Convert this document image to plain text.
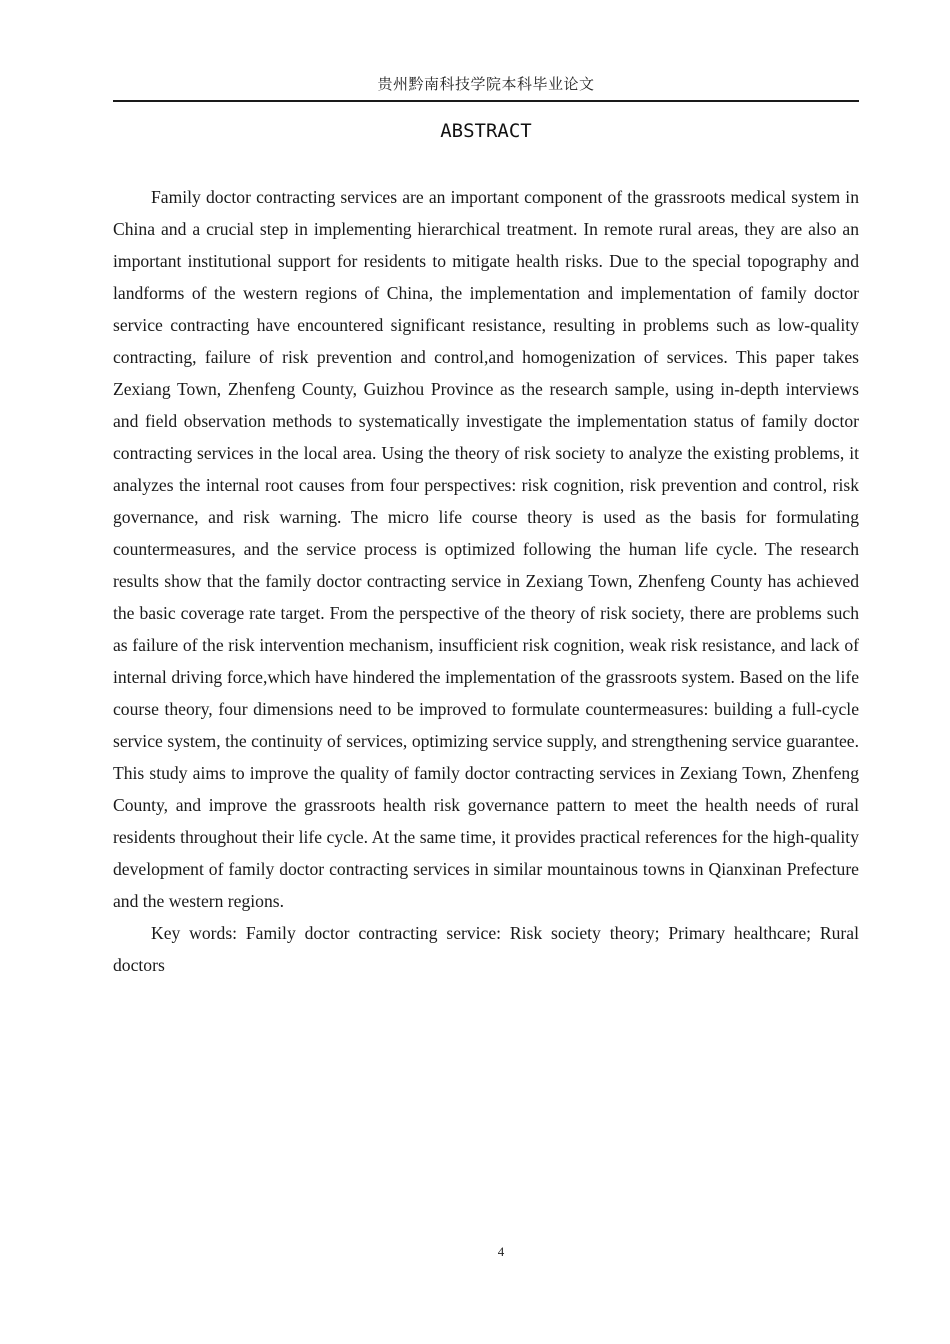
贵州黔南科技学院本科毕业论文
ABSTRACT

Family doctor contracting services are an important component of the grassroots medical system in China and a crucial step in implementing hierarchical treatment. In remote rural areas, they are also an important institutional support for residents to mitigate health risks. Due to the special topography and landforms of the western regions of China, the implementation and implementation of family doctor service contracting have encountered significant resistance, resulting in problems such as low-quality contracting, failure of risk prevention and control,and homogenization of services. This paper takes Zexiang Town, Zhenfeng County, Guizhou Province as the research sample, using in-depth interviews and field observation methods to systematically investigate the implementation status of family doctor contracting services in the local area. Using the theory of risk society to analyze the existing problems, it analyzes the internal root causes from four perspectives: risk cognition, risk prevention and control, risk governance, and risk warning. The micro life course theory is used as the basis for formulating countermeasures, and the service process is optimized following the human life cycle. The research results show that the family doctor contracting service in Zexiang Town, Zhenfeng County has achieved the basic coverage rate target. From the perspective of the theory of risk society, there are problems such as failure of the risk intervention mechanism, insufficient risk cognition, weak risk resistance, and lack of internal driving force,which have hindered the implementation of the grassroots system. Based on the life course theory, four dimensions need to be improved to formulate countermeasures: building a full-cycle service system, the continuity of services, optimizing service supply, and strengthening service guarantee. This study aims to improve the quality of family doctor contracting services in Zexiang Town, Zhenfeng County, and improve the grassroots health risk governance pattern to meet the health needs of rural residents throughout their life cycle. At the same time, it provides practical references for the high-quality development of family doctor contracting services in similar mountainous towns in Qianxinan Prefecture and the western regions.

Key words: Family doctor contracting service: Risk society theory; Primary healthcare; Rural doctors

4
